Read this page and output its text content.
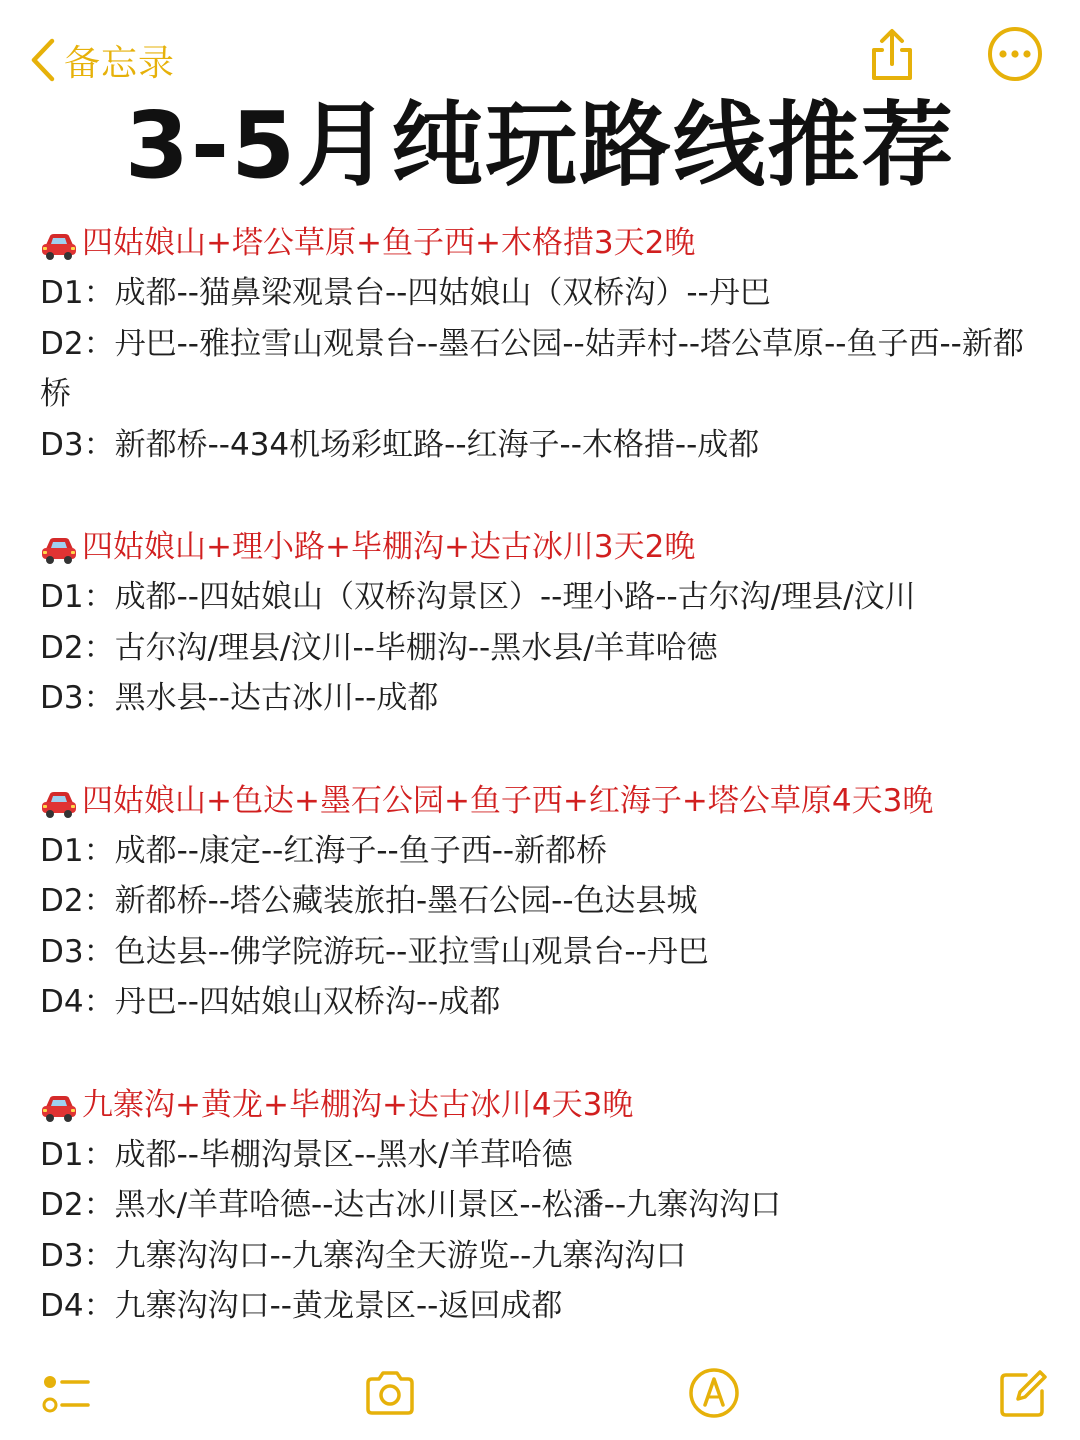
备忘录
3-5月纯玩路线推荐
四姑娘山+塔公草原+鱼子西+木格措3天2晚
D1：成都--猫鼻梁观景台--四姑娘山（双桥沟）--丹巴
D2：丹巴--雅拉雪山观景台--墨石公园--姑弄村--塔公草原--鱼子西--新都桥
D3：新都桥--434机场彩虹路--红海子--木格措--成都
四姑娘山+理小路+毕棚沟+达古冰川3天2晚
D1：成都--四姑娘山（双桥沟景区）--理小路--古尔沟/理县/汶川
D2：古尔沟/理县/汶川--毕棚沟--黑水县/羊茸哈德
D3：黑水县--达古冰川--成都
四姑娘山+色达+墨石公园+鱼子西+红海子+塔公草原4天3晚
D1：成都--康定--红海子--鱼子西--新都桥
D2：新都桥--塔公藏装旅拍-墨石公园--色达县城
D3：色达县--佛学院游玩--亚拉雪山观景台--丹巴
D4：丹巴--四姑娘山双桥沟--成都
九寨沟+黄龙+毕棚沟+达古冰川4天3晚
D1：成都--毕棚沟景区--黑水/羊茸哈德
D2：黑水/羊茸哈德--达古冰川景区--松潘--九寨沟沟口
D3：九寨沟沟口--九寨沟全天游览--九寨沟沟口
D4：九寨沟沟口--黄龙景区--返回成都
